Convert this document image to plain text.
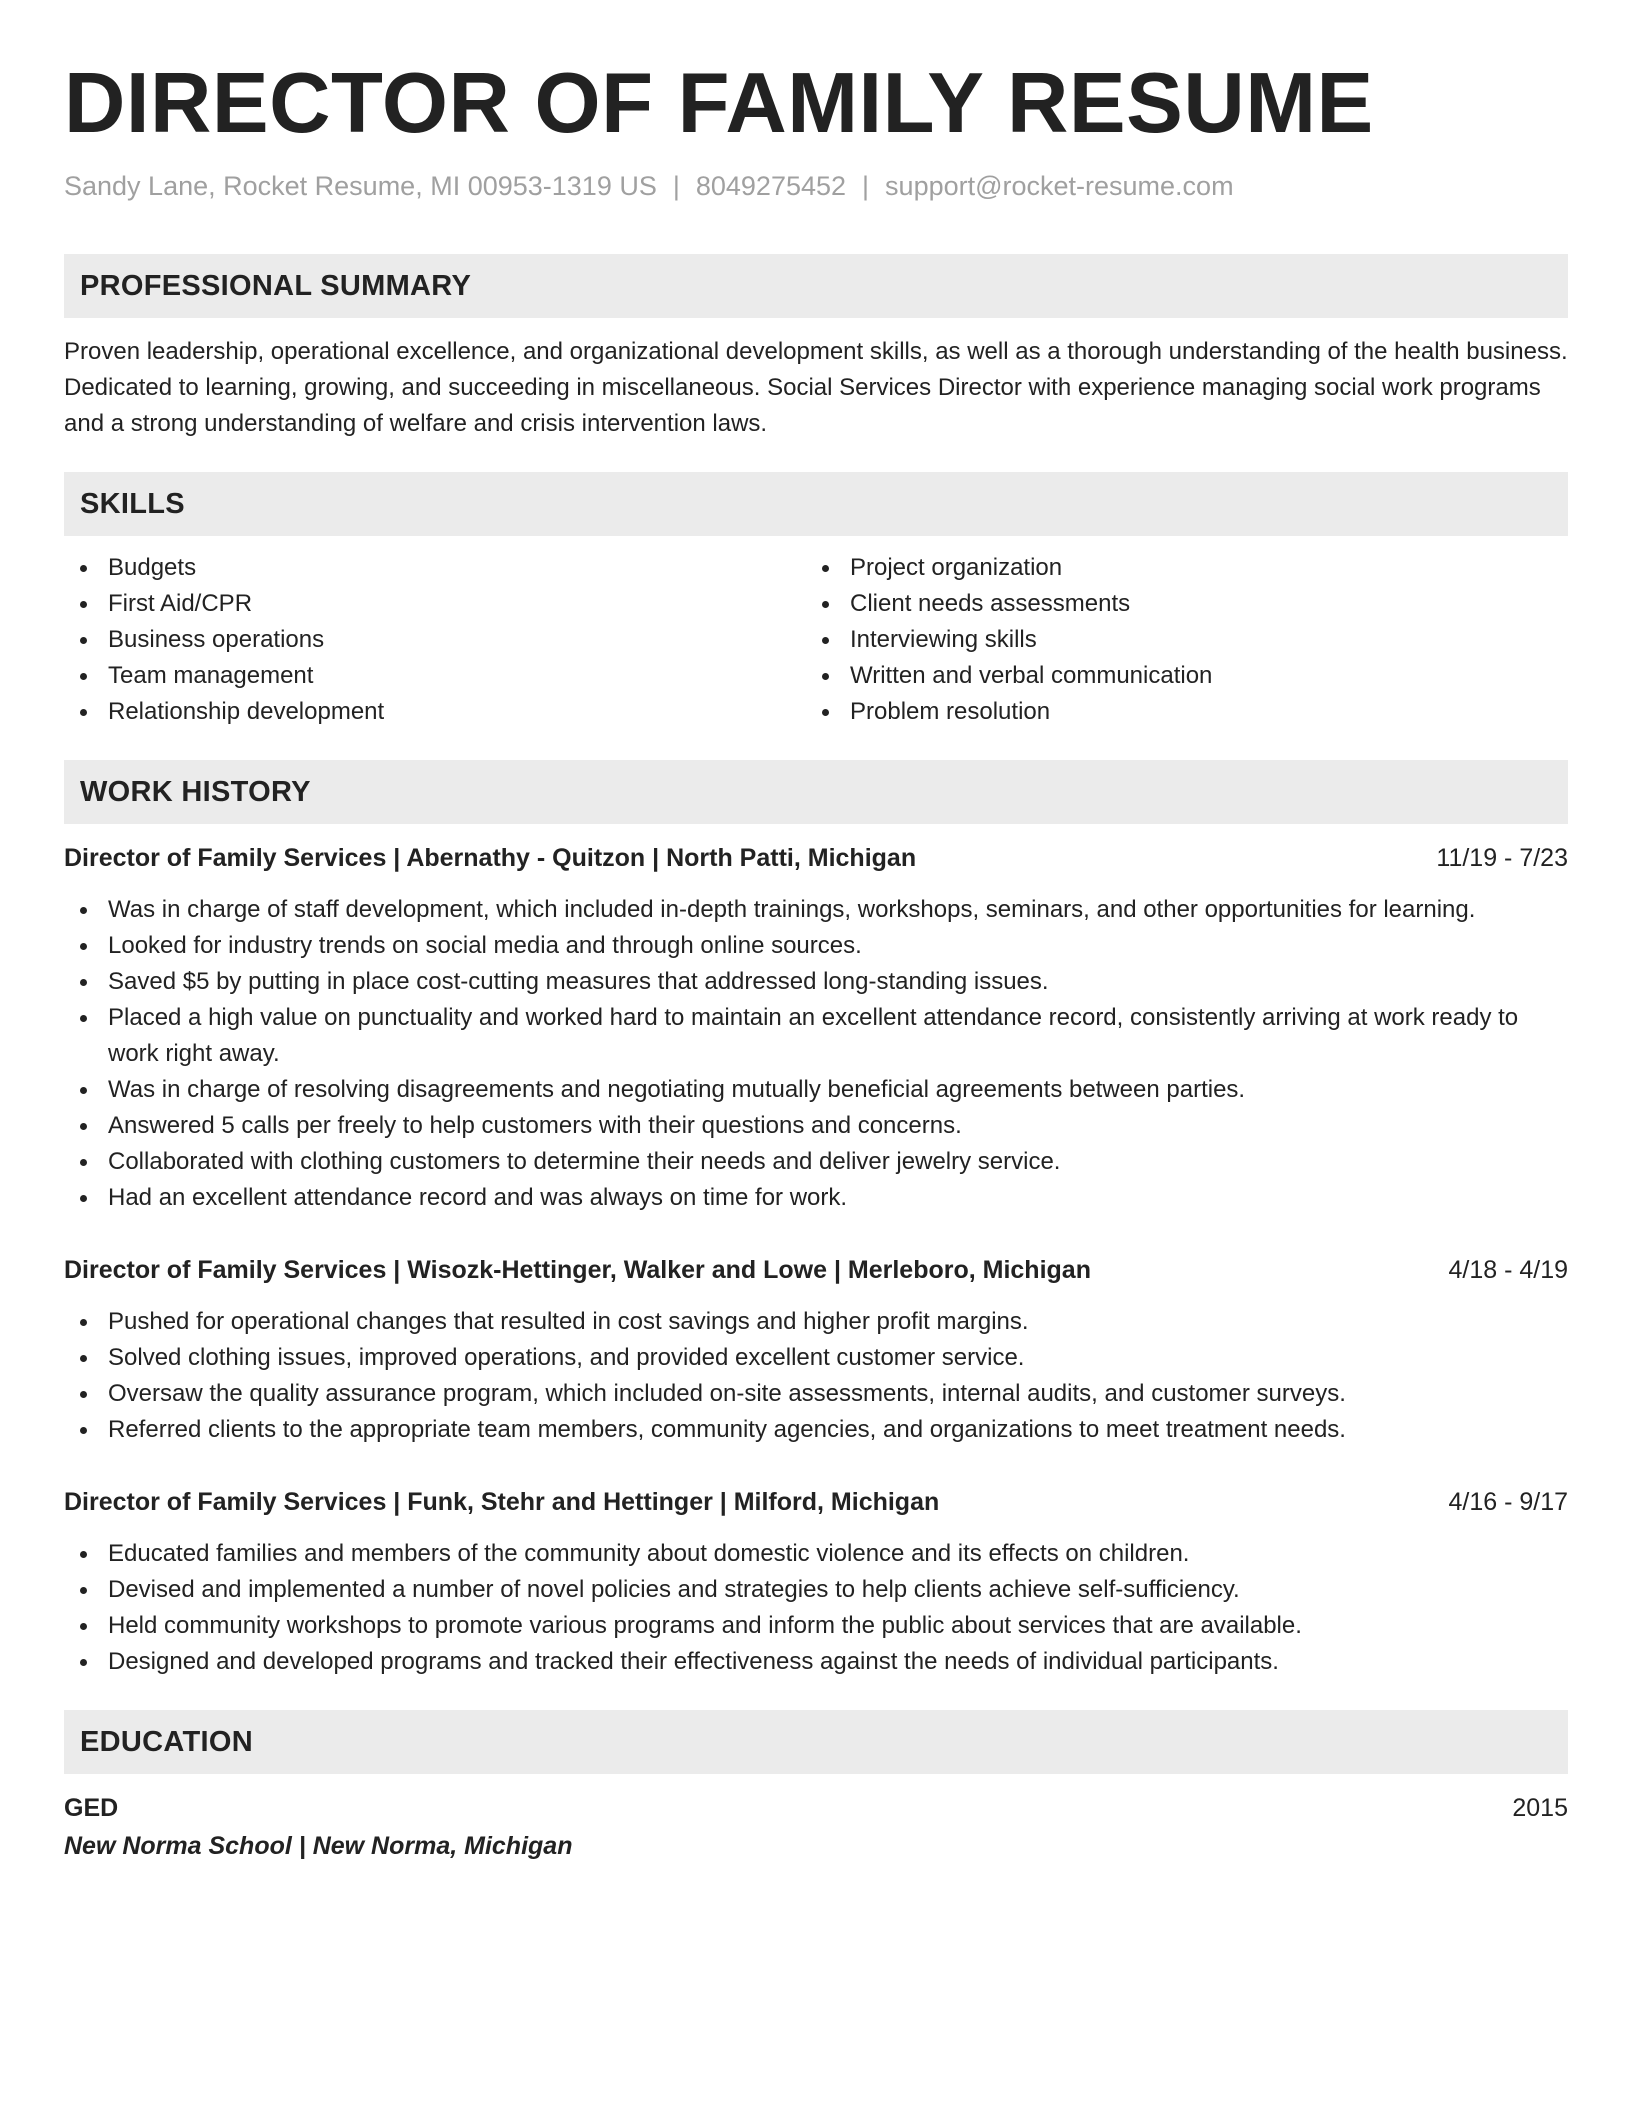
DIRECTOR OF FAMILY RESUME
Sandy Lane, Rocket Resume, MI 00953-1319 US | 8049275452 | support@rocket-resume.com
PROFESSIONAL SUMMARY
Proven leadership, operational excellence, and organizational development skills, as well as a thorough understanding of the health business. Dedicated to learning, growing, and succeeding in miscellaneous. Social Services Director with experience managing social work programs and a strong understanding of welfare and crisis intervention laws.
SKILLS
Budgets
First Aid/CPR
Business operations
Team management
Relationship development
Project organization
Client needs assessments
Interviewing skills
Written and verbal communication
Problem resolution
WORK HISTORY
Director of Family Services | Abernathy - Quitzon | North Patti, Michigan	11/19 - 7/23
Was in charge of staff development, which included in-depth trainings, workshops, seminars, and other opportunities for learning.
Looked for industry trends on social media and through online sources.
Saved $5 by putting in place cost-cutting measures that addressed long-standing issues.
Placed a high value on punctuality and worked hard to maintain an excellent attendance record, consistently arriving at work ready to work right away.
Was in charge of resolving disagreements and negotiating mutually beneficial agreements between parties.
Answered 5 calls per freely to help customers with their questions and concerns.
Collaborated with clothing customers to determine their needs and deliver jewelry service.
Had an excellent attendance record and was always on time for work.
Director of Family Services | Wisozk-Hettinger, Walker and Lowe | Merleboro, Michigan	4/18 - 4/19
Pushed for operational changes that resulted in cost savings and higher profit margins.
Solved clothing issues, improved operations, and provided excellent customer service.
Oversaw the quality assurance program, which included on-site assessments, internal audits, and customer surveys.
Referred clients to the appropriate team members, community agencies, and organizations to meet treatment needs.
Director of Family Services | Funk, Stehr and Hettinger | Milford, Michigan	4/16 - 9/17
Educated families and members of the community about domestic violence and its effects on children.
Devised and implemented a number of novel policies and strategies to help clients achieve self-sufficiency.
Held community workshops to promote various programs and inform the public about services that are available.
Designed and developed programs and tracked their effectiveness against the needs of individual participants.
EDUCATION
GED	2015
New Norma School | New Norma, Michigan
